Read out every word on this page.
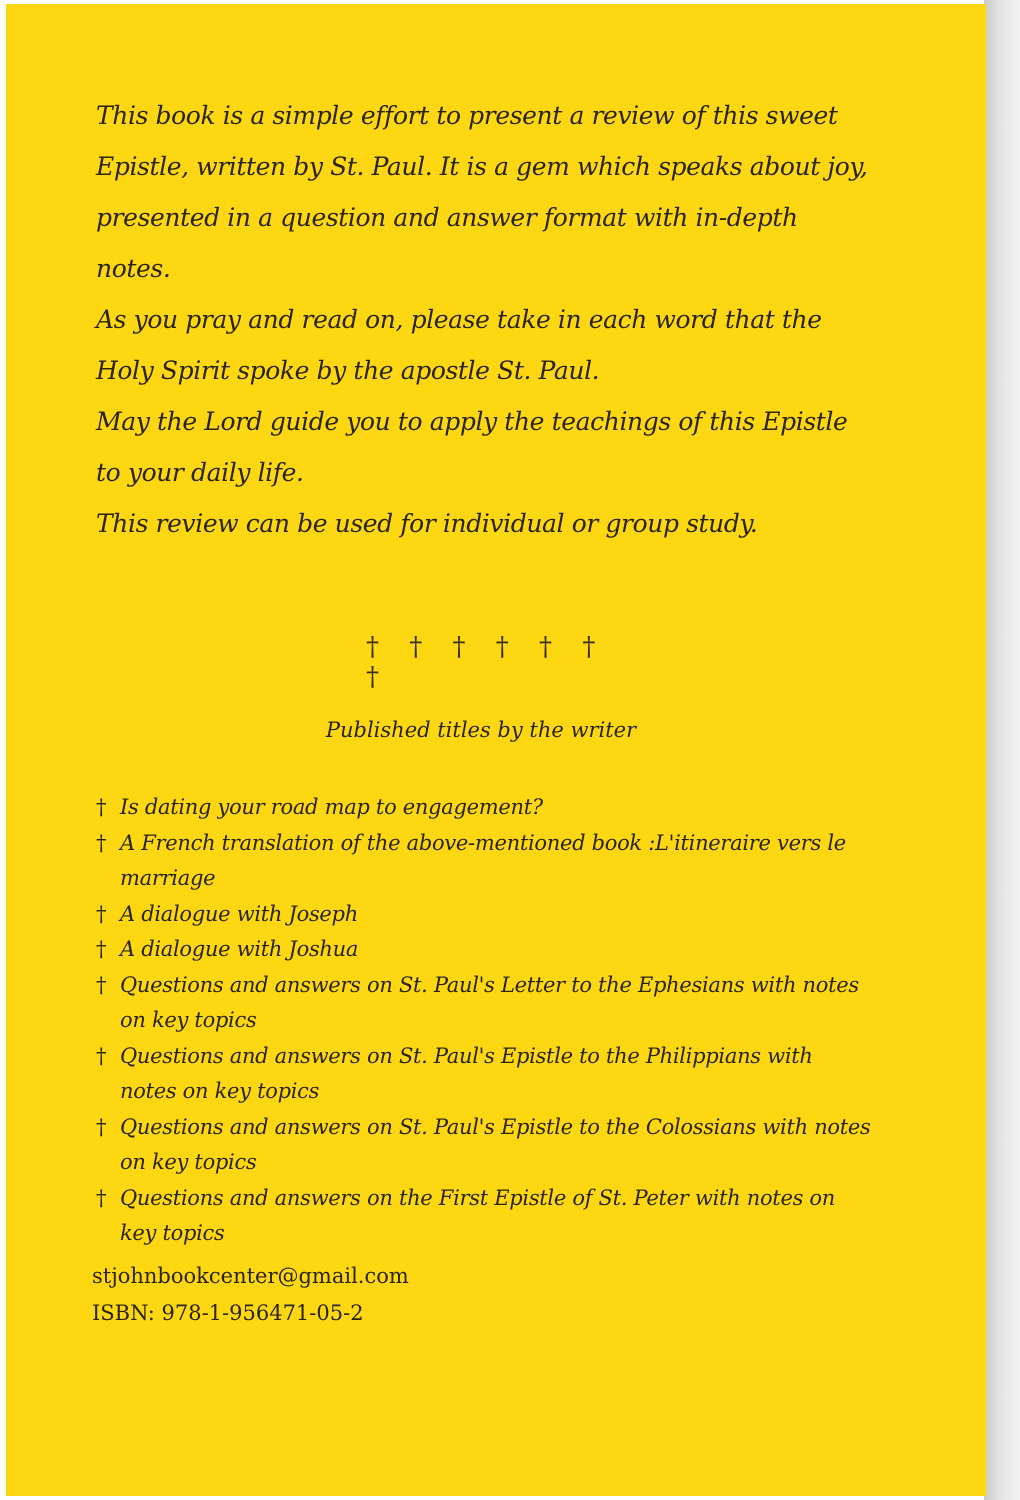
This book is a simple effort to present a review of this sweet Epistle, written by St. Paul. It is a gem which speaks about joy, presented in a question and answer format with in-depth notes.

As you pray and read on, please take in each word that the Holy Spirit spoke by the apostle St. Paul.

May the Lord guide you to apply the teachings of this Epistle to your daily life.

This review can be used for individual or group study.

† † † † † † †
Published titles by the writer
† Is dating your road map to engagement?
† A French translation of the above-mentioned book :L'itineraire vers le marriage
† A dialogue with Joseph
† A dialogue with Joshua
† Questions and answers on St. Paul's Letter to the Ephesians with notes on key topics
† Questions and answers on St. Paul's Epistle to the Philippians with notes on key topics
† Questions and answers on St. Paul's Epistle to the Colossians with notes on key topics
† Questions and answers on the First Epistle of St. Peter with notes on key topics
stjohnbookcenter@gmail.com
ISBN: 978-1-956471-05-2
